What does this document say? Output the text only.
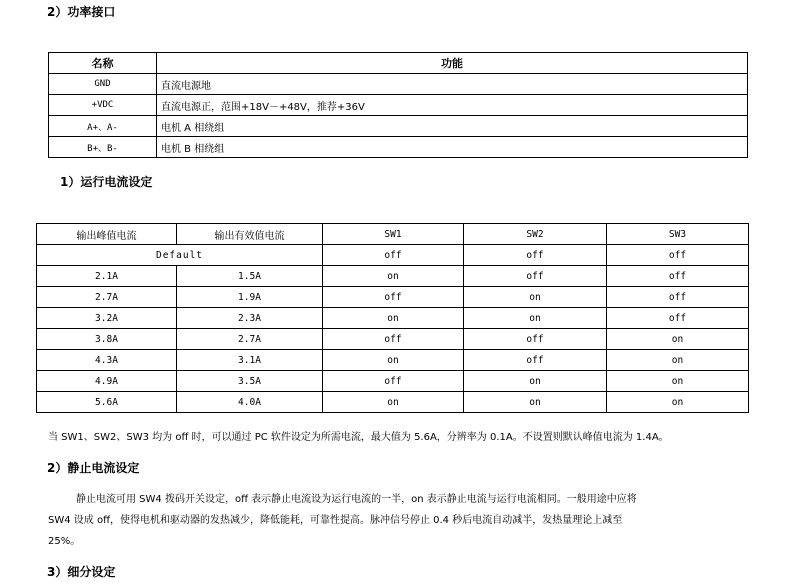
2）功率接口
名称	功能
GND	直流电源地
+VDC	直流电源正，范围+18V－+48V，推荐+36V
A+、A-	电机 A 相绕组
B+、B-	电机 B 相绕组
1）运行电流设定
输出峰值电流	输出有效值电流	SW1	SW2	SW3
Default		off	off	off
2.1A	1.5A	on	off	off
2.7A	1.9A	off	on	off
3.2A	2.3A	on	on	off
3.8A	2.7A	off	off	on
4.3A	3.1A	on	off	on
4.9A	3.5A	off	on	on
5.6A	4.0A	on	on	on

当 SW1、SW2、SW3 均为 off 时，可以通过 PC 软件设定为所需电流，最大值为 5.6A，分辨率为 0.1A。不设置则默认峰值电流为 1.4A。

2）静止电流设定

静止电流可用 SW4 拨码开关设定，off 表示静止电流设为运行电流的一半，on 表示静止电流与运行电流相同。一般用途中应将

SW4 设成 off，使得电机和驱动器的发热减少，降低能耗，可靠性提高。脉冲信号停止 0.4 秒后电流自动减半，发热量理论上减至

25%。

3）细分设定
